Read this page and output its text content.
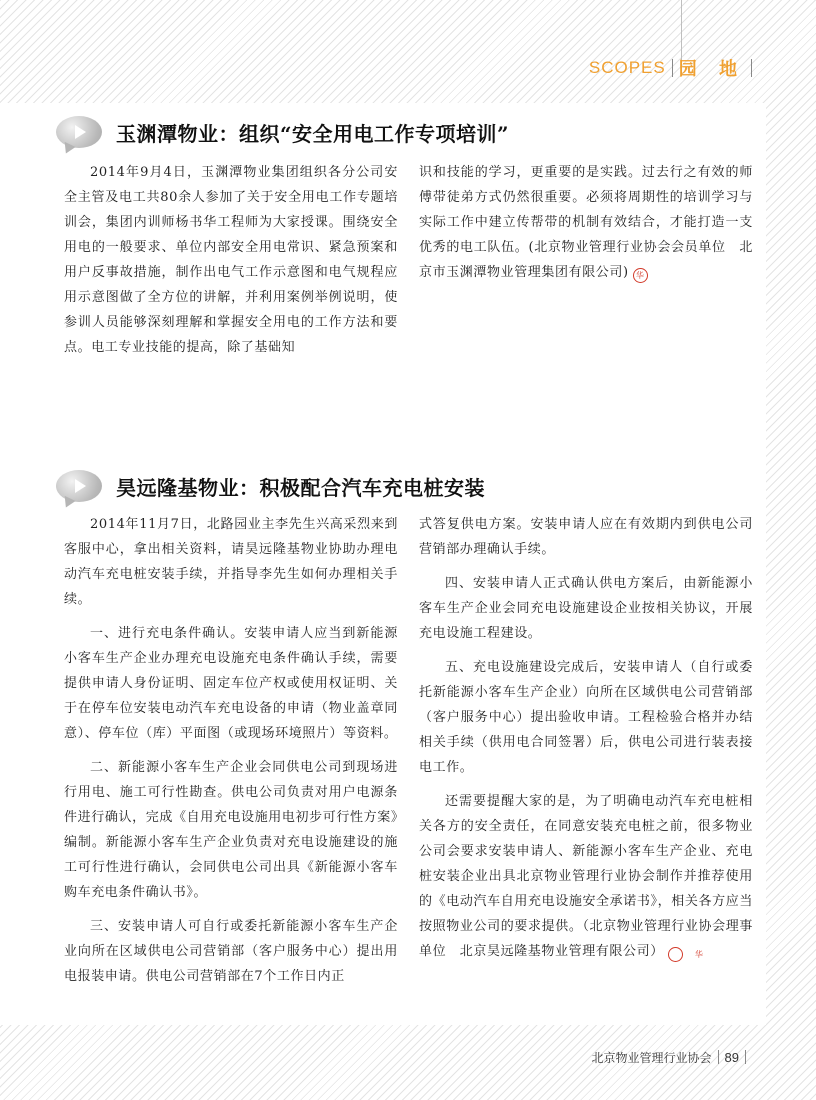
SCOPES 园 地
玉渊潭物业：组织“安全用电工作专项培训”

2014年9月4日，玉渊潭物业集团组织各分公司安全主管及电工共80余人参加了关于安全用电工作专题培训会，集团内训师杨书华工程师为大家授课。围绕安全用电的一般要求、单位内部安全用电常识、紧急预案和用户反事故措施，制作出电气工作示意图和电气规程应用示意图做了全方位的讲解，并利用案例举例说明，使参训人员能够深刻理解和掌握安全用电的工作方法和要点。电工专业技能的提高，除了基础知

识和技能的学习，更重要的是实践。过去行之有效的师傅带徒弟方式仍然很重要。必须将周期性的培训学习与实际工作中建立传帮带的机制有效结合，才能打造一支优秀的电工队伍。(北京物业管理行业协会会员单位　北京市玉渊潭物业管理集团有限公司) 华

昊远隆基物业：积极配合汽车充电桩安装

2014年11月7日，北路园业主李先生兴高采烈来到客服中心，拿出相关资料，请昊远隆基物业协助办理电动汽车充电桩安装手续，并指导李先生如何办理相关手续。

一、进行充电条件确认。安装申请人应当到新能源小客车生产企业办理充电设施充电条件确认手续，需要提供申请人身份证明、固定车位产权或使用权证明、关于在停车位安装电动汽车充电设备的申请（物业盖章同意）、停车位（库）平面图（或现场环境照片）等资料。

二、新能源小客车生产企业会同供电公司到现场进行用电、施工可行性勘查。供电公司负责对用户电源条件进行确认，完成《自用充电设施用电初步可行性方案》编制。新能源小客车生产企业负责对充电设施建设的施工可行性进行确认，会同供电公司出具《新能源小客车购车充电条件确认书》。

三、安装申请人可自行或委托新能源小客车生产企业向所在区域供电公司营销部（客户服务中心）提出用电报装申请。供电公司营销部在7个工作日内正

式答复供电方案。安装申请人应在有效期内到供电公司营销部办理确认手续。

四、安装申请人正式确认供电方案后，由新能源小客车生产企业会同充电设施建设企业按相关协议，开展充电设施工程建设。

五、充电设施建设完成后，安装申请人（自行或委托新能源小客车生产企业）向所在区域供电公司营销部（客户服务中心）提出验收申请。工程检验合格并办结相关手续（供用电合同签署）后，供电公司进行装表接电工作。

还需要提醒大家的是，为了明确电动汽车充电桩相关各方的安全责任，在同意安装充电桩之前，很多物业公司会要求安装申请人、新能源小客车生产企业、充电桩安装企业出具北京物业管理行业协会制作并推荐使用的《电动汽车自用充电设施安全承诺书》，相关各方应当按照物业公司的要求提供。（北京物业管理行业协会理事单位　北京昊远隆基物业管理有限公司）	华

北京物业管理行业协会 89
